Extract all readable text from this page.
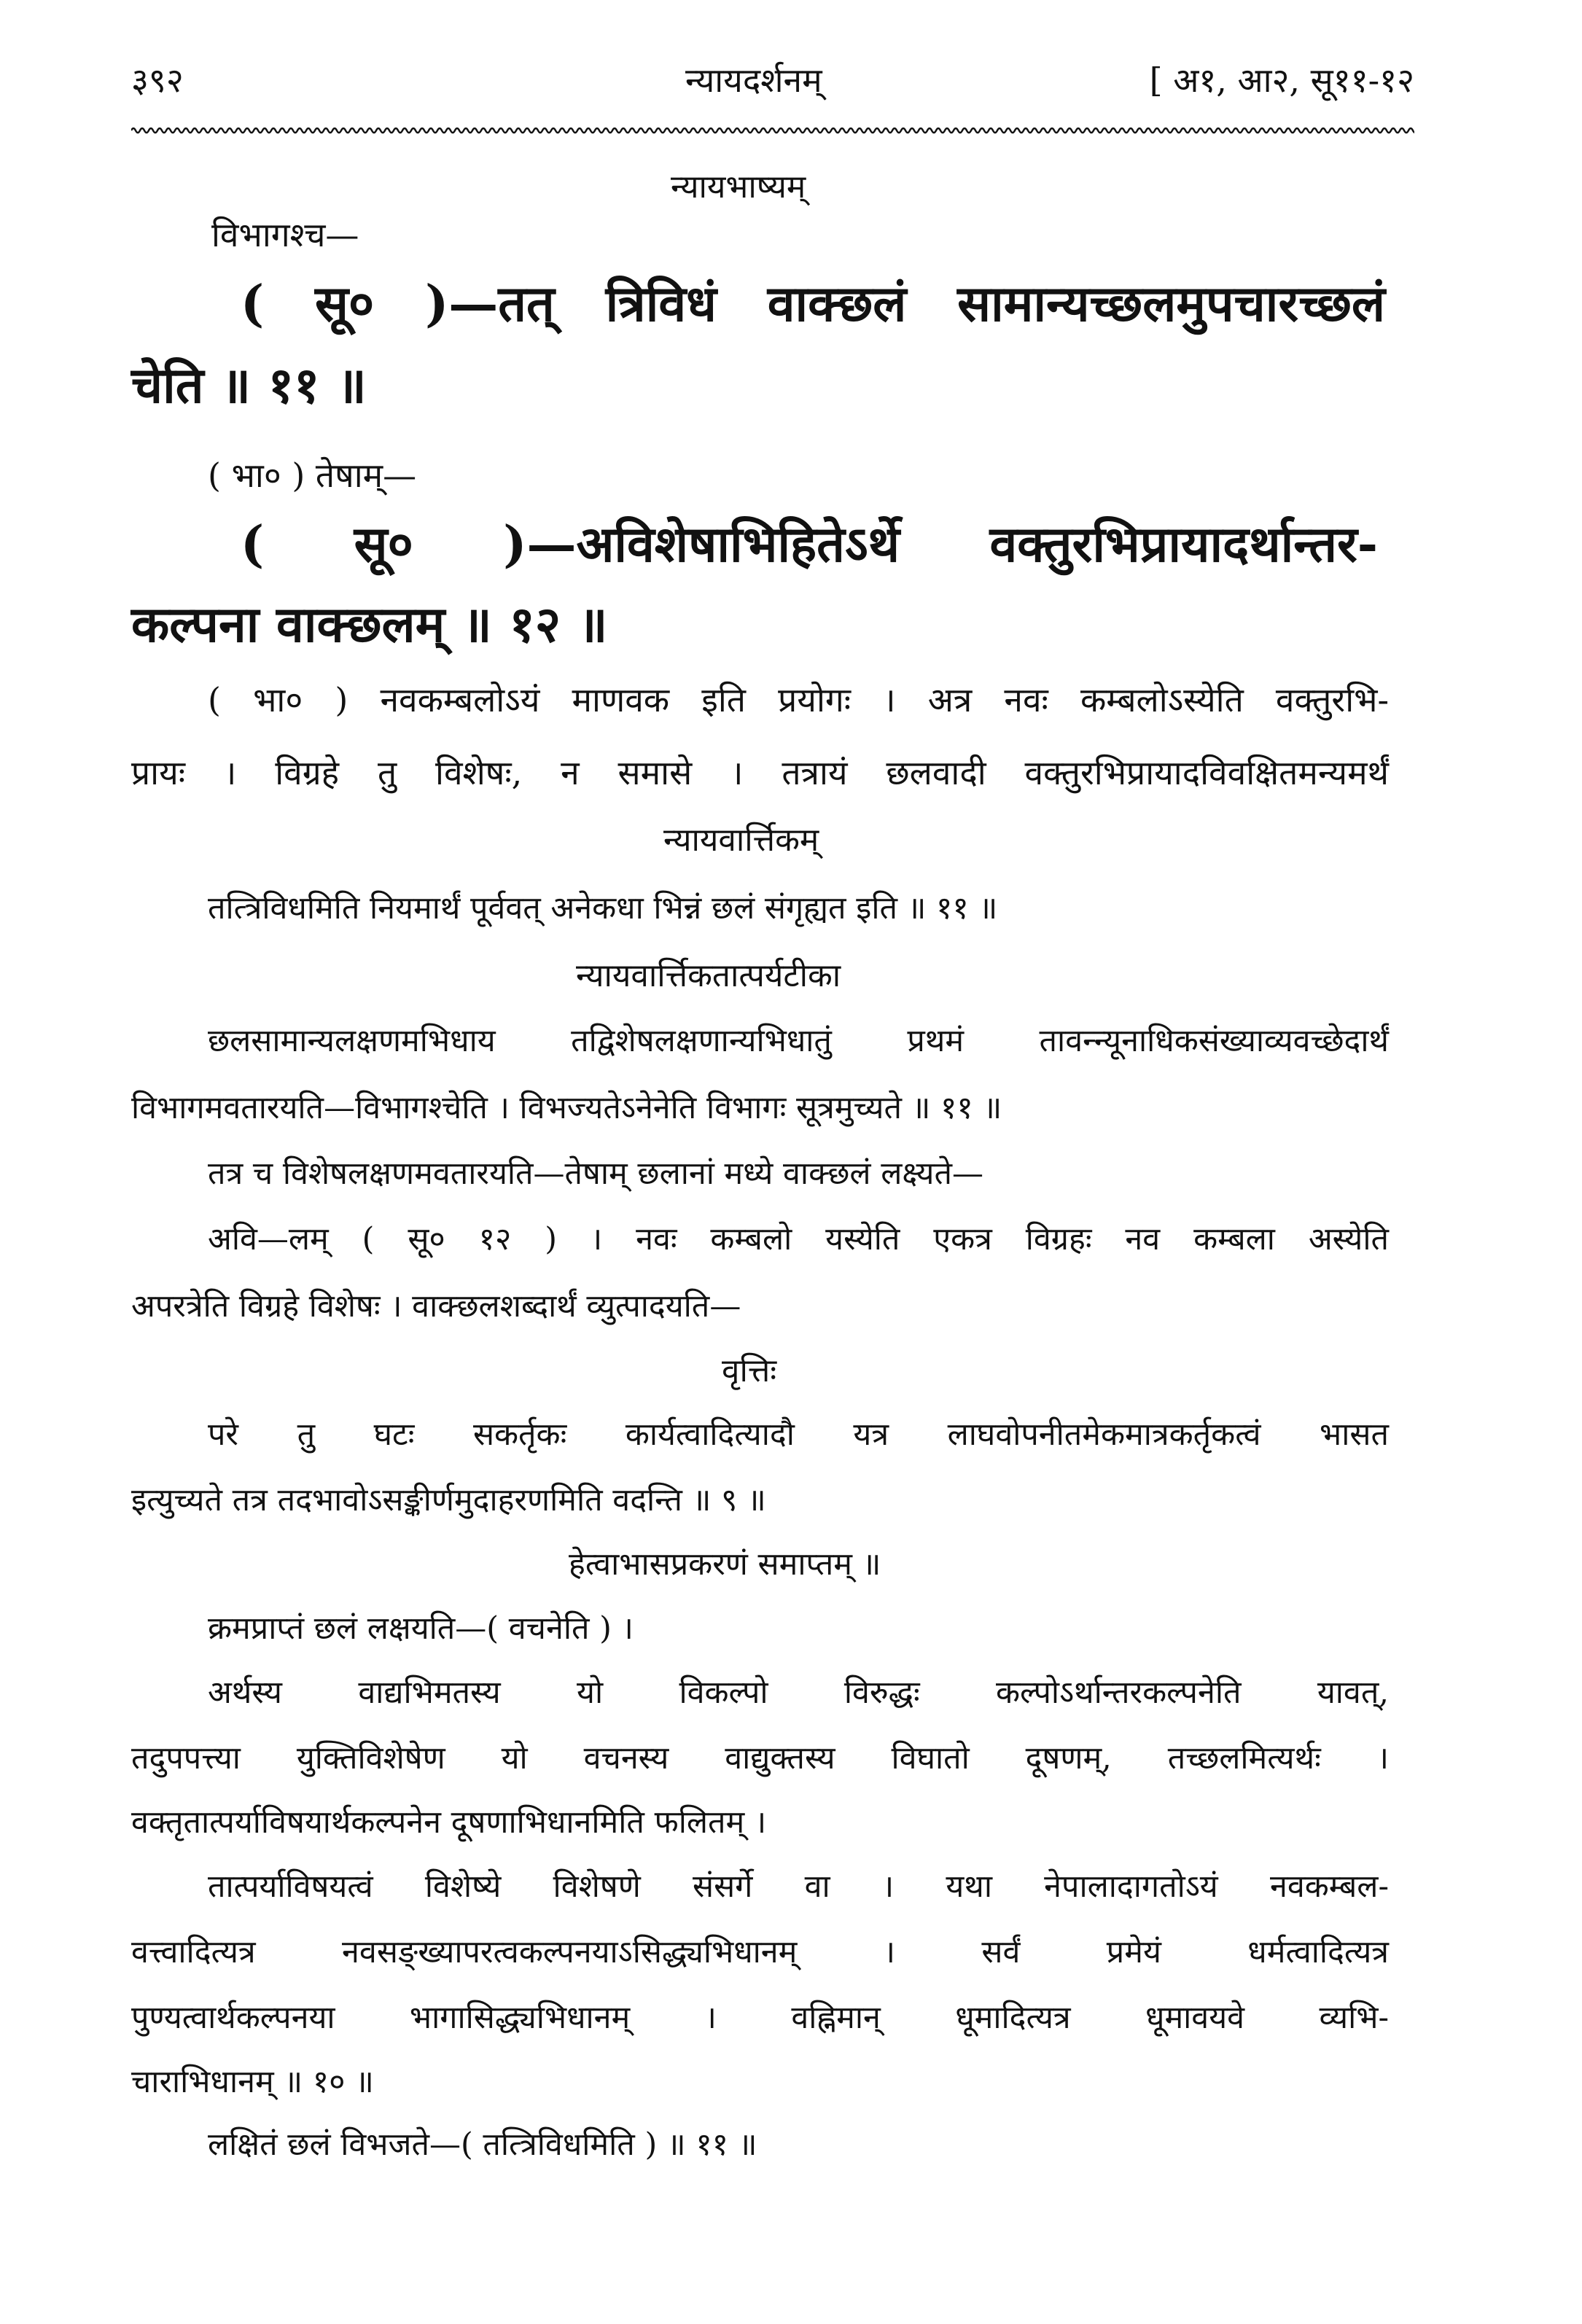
३९२	न्यायदर्शनम्	[ अ१, आ२, सू११-१२
न्यायभाष्यम्
विभागश्च—
( सू० )—तत् त्रिविधं वाक्छलं सामान्यच्छलमुपचारच्छलं
चेति ॥ ११ ॥
( भा० ) तेषाम्—
( सू० )—अविशेषाभिहितेऽर्थे वक्तुरभिप्रायादर्थान्तर-
कल्पना वाक्छलम् ॥ १२ ॥
( भा० ) नवकम्बलोऽयं माणवक इति प्रयोगः । अत्र नवः कम्बलोऽस्येति वक्तुरभि-
प्रायः । विग्रहे तु विशेषः, न समासे । तत्रायं छलवादी वक्तुरभिप्रायादविवक्षितमन्यमर्थं
न्यायवार्त्तिकम्
तत्त्रिविधमिति नियमार्थं पूर्ववत् अनेकधा भिन्नं छलं संगृह्यत इति ॥ ११ ॥
न्यायवार्त्तिकतात्पर्यटीका
छलसामान्यलक्षणमभिधाय तद्विशेषलक्षणान्यभिधातुं प्रथमं तावन्न्यूनाधिकसंख्याव्यवच्छेदार्थं
विभागमवतारयति—विभागश्चेति । विभज्यतेऽनेनेति विभागः सूत्रमुच्यते ॥ ११ ॥
तत्र च विशेषलक्षणमवतारयति—तेषाम् छलानां मध्ये वाक्छलं लक्ष्यते—
अवि—लम् ( सू० १२ ) । नवः कम्बलो यस्येति एकत्र विग्रहः नव कम्बला अस्येति
अपरत्रेति विग्रहे विशेषः । वाक्छलशब्दार्थं व्युत्पादयति—
वृत्तिः
परे तु घटः सकर्तृकः कार्यत्वादित्यादौ यत्र लाघवोपनीतमेकमात्रकर्तृकत्वं भासत
इत्युच्यते तत्र तदभावोऽसङ्कीर्णमुदाहरणमिति वदन्ति ॥ ९ ॥
हेत्वाभासप्रकरणं समाप्तम् ॥
क्रमप्राप्तं छलं लक्षयति—( वचनेति ) ।
अर्थस्य वाद्यभिमतस्य यो विकल्पो विरुद्धः कल्पोऽर्थान्तरकल्पनेति यावत्,
तदुपपत्त्या युक्तिविशेषेण यो वचनस्य वाद्युक्तस्य विघातो दूषणम्, तच्छलमित्यर्थः ।
वक्तृतात्पर्याविषयार्थकल्पनेन दूषणाभिधानमिति फलितम् ।
तात्पर्याविषयत्वं विशेष्ये विशेषणे संसर्गे वा । यथा नेपालादागतोऽयं नवकम्बल-
वत्त्वादित्यत्र नवसङ्ख्यापरत्वकल्पनयाऽसिद्ध्यभिधानम् । सर्वं प्रमेयं धर्मत्वादित्यत्र
पुण्यत्वार्थकल्पनया भागासिद्ध्यभिधानम् । वह्निमान् धूमादित्यत्र धूमावयवे व्यभि-
चाराभिधानम् ॥ १० ॥
लक्षितं छलं विभजते—( तत्त्रिविधमिति ) ॥ ११ ॥
